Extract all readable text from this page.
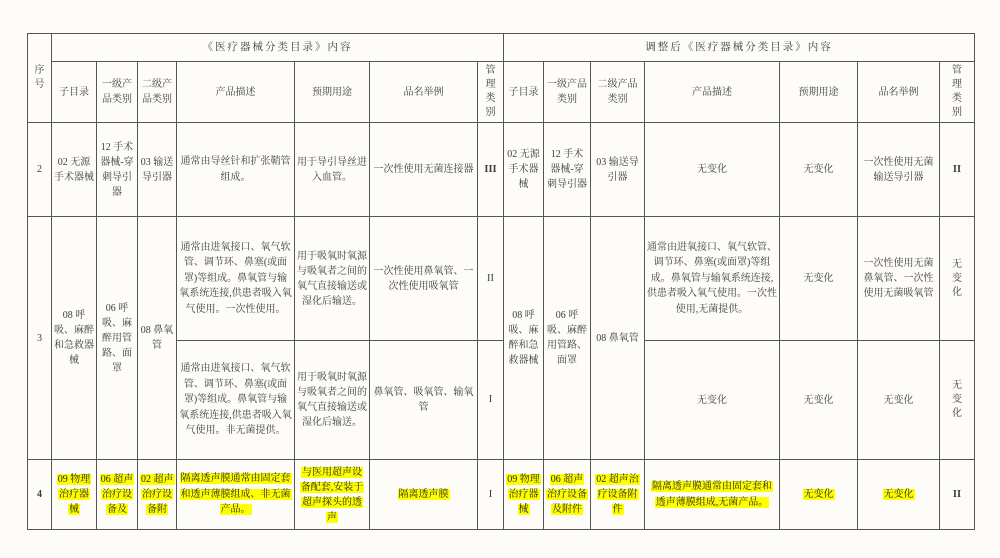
序号	《医疗器械分类目录》内容							调整后《医疗器械分类目录》内容						
	子目录	一级产品类别	二级产品类别	产品描述	预期用途	品名举例	管理类别	子目录	一级产品类别	二级产品类别	产品描述	预期用途	品名举例	管理类别
2	02 无源手术器械	12 手术器械-穿刺导引器	03 输送导引器	通常由导丝针和扩张鞘管组成。	用于导引导丝进入血管。	一次性使用无菌连接器	III	02 无源手术器械	12 手术器械-穿刺导引器	03 输送导引器	无变化	无变化	一次性使用无菌输送导引器	II
3	08 呼吸、麻醉和急救器械	06 呼吸、麻醉用管路、面罩	08 鼻氧管	通常由进氧接口、氧气软管、调节环、鼻塞(或面罩)等组成。鼻氧管与输氧系统连接,供患者吸入氧气使用。一次性使用。	用于吸氧时氧源与吸氧者之间的氧气直接输送或湿化后输送。	一次性使用鼻氧管、一次性使用吸氧管	II	08 呼吸、麻醉和急救器械	06 呼吸、麻醉用管路、面罩	08 鼻氧管	通常由进氧接口、氧气软管、调节环、鼻塞(或面罩)等组成。鼻氧管与输氧系统连接,供患者吸入氧气使用。一次性使用,无菌提供。	无变化	一次性使用无菌鼻氧管、一次性使用无菌吸氧管	无变化
				通常由进氧接口、氧气软管、调节环、鼻塞(或面罩)等组成。鼻氧管与输氧系统连接,供患者吸入氧气使用。非无菌提供。	用于吸氧时氧源与吸氧者之间的氧气直接输送或湿化后输送。	鼻氧管、吸氧管、输氧管	I				无变化	无变化	无变化	无变化
4	09 物理治疗器械	06 超声治疗设备及	02 超声治疗设备附	隔离透声膜通常由固定套和透声薄膜组成、非无菌产品。	与医用超声设备配套,安装于超声探头的透声	隔离透声膜	I	09 物理治疗器械	06 超声治疗设备及附件	02 超声治疗设备附件	隔离透声膜通常由固定套和透声薄膜组成,无菌产品。	无变化	无变化	II
